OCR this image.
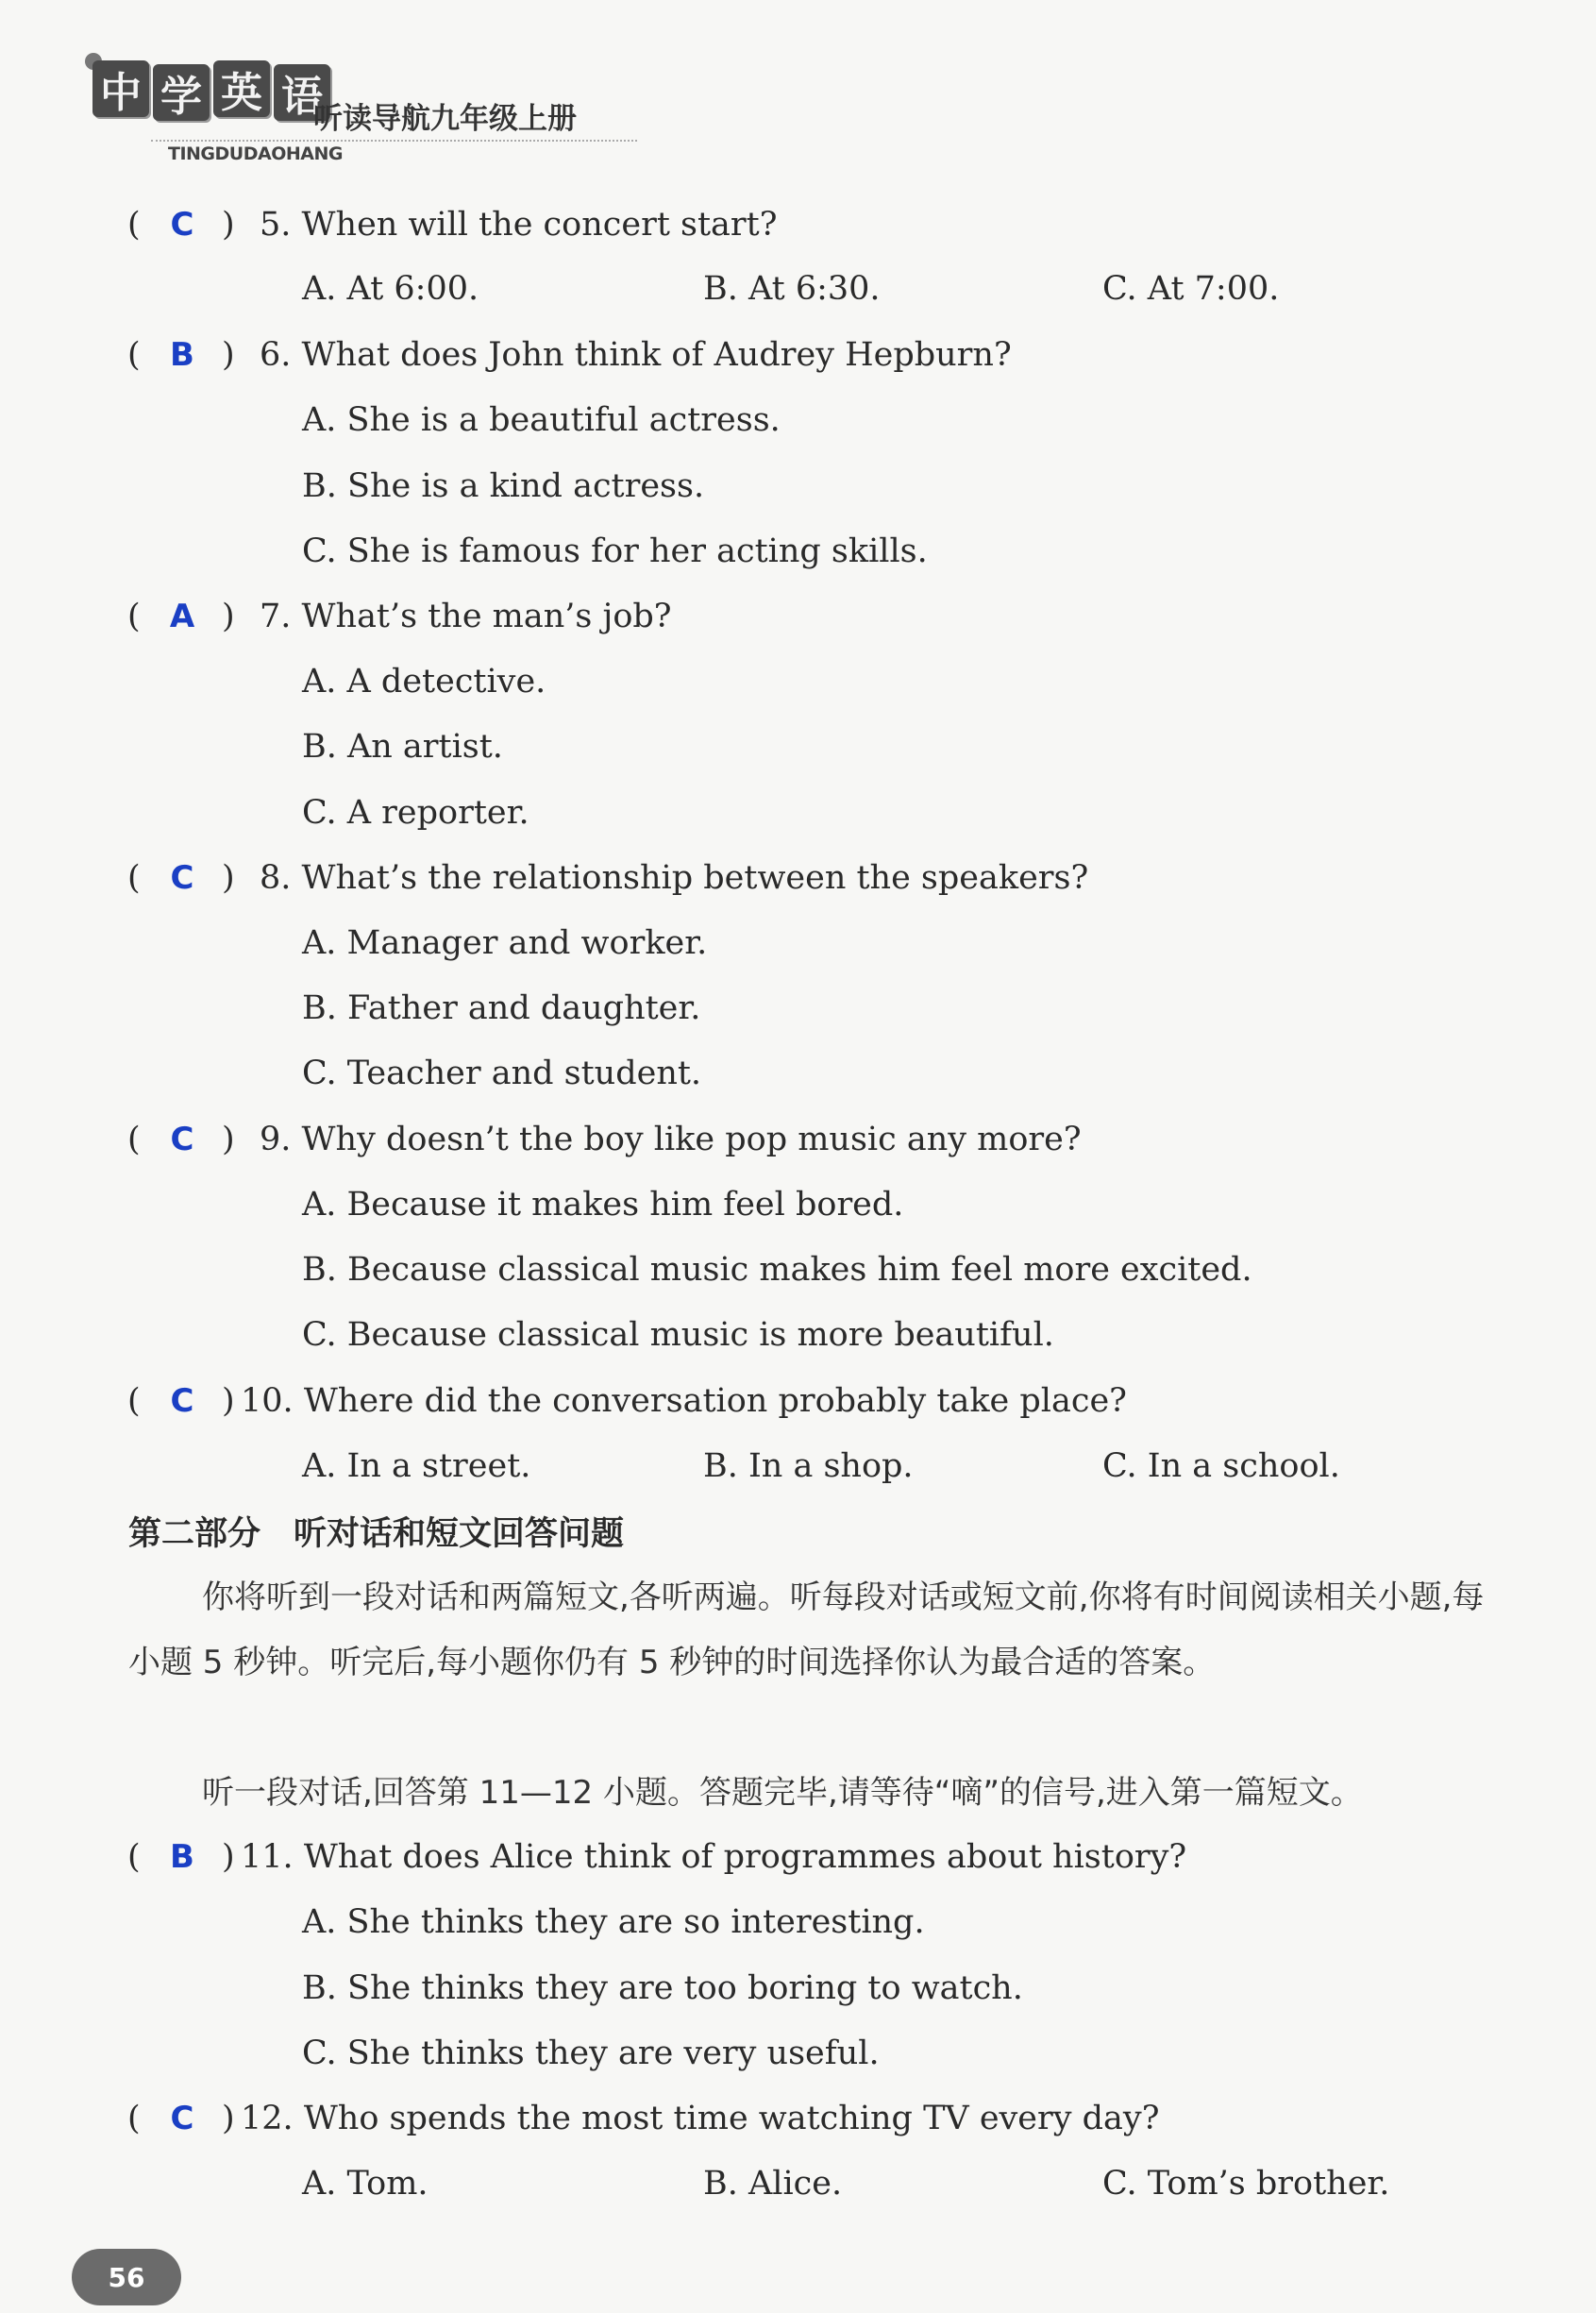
中 学 英 语
听读导航九年级上册
TINGDUDAOHANG
( C ) 5. When will the concert start?
A. At 6:00.	B. At 6:30.	C. At 7:00.
( B ) 6. What does John think of Audrey Hepburn?
A. She is a beautiful actress.
B. She is a kind actress.
C. She is famous for her acting skills.
( A ) 7. What’s the man’s job?
A. A detective.
B. An artist.
C. A reporter.
( C ) 8. What’s the relationship between the speakers?
A. Manager and worker.
B. Father and daughter.
C. Teacher and student.
( C ) 9. Why doesn’t the boy like pop music any more?
A. Because it makes him feel bored.
B. Because classical music makes him feel more excited.
C. Because classical music is more beautiful.
( C ) 10. Where did the conversation probably take place?
A. In a street.	B. In a shop.	C. In a school.
第二部分　听对话和短文回答问题
你将听到一段对话和两篇短文,各听两遍。听每段对话或短文前,你将有时间阅读相关小题,每小题 5 秒钟。听完后,每小题你仍有 5 秒钟的时间选择你认为最合适的答案。
听一段对话,回答第 11—12 小题。答题完毕,请等待“嘀”的信号,进入第一篇短文。
( B ) 11. What does Alice think of programmes about history?
A. She thinks they are so interesting.
B. She thinks they are too boring to watch.
C. She thinks they are very useful.
( C ) 12. Who spends the most time watching TV every day?
A. Tom.	B. Alice.	C. Tom’s brother.
56
